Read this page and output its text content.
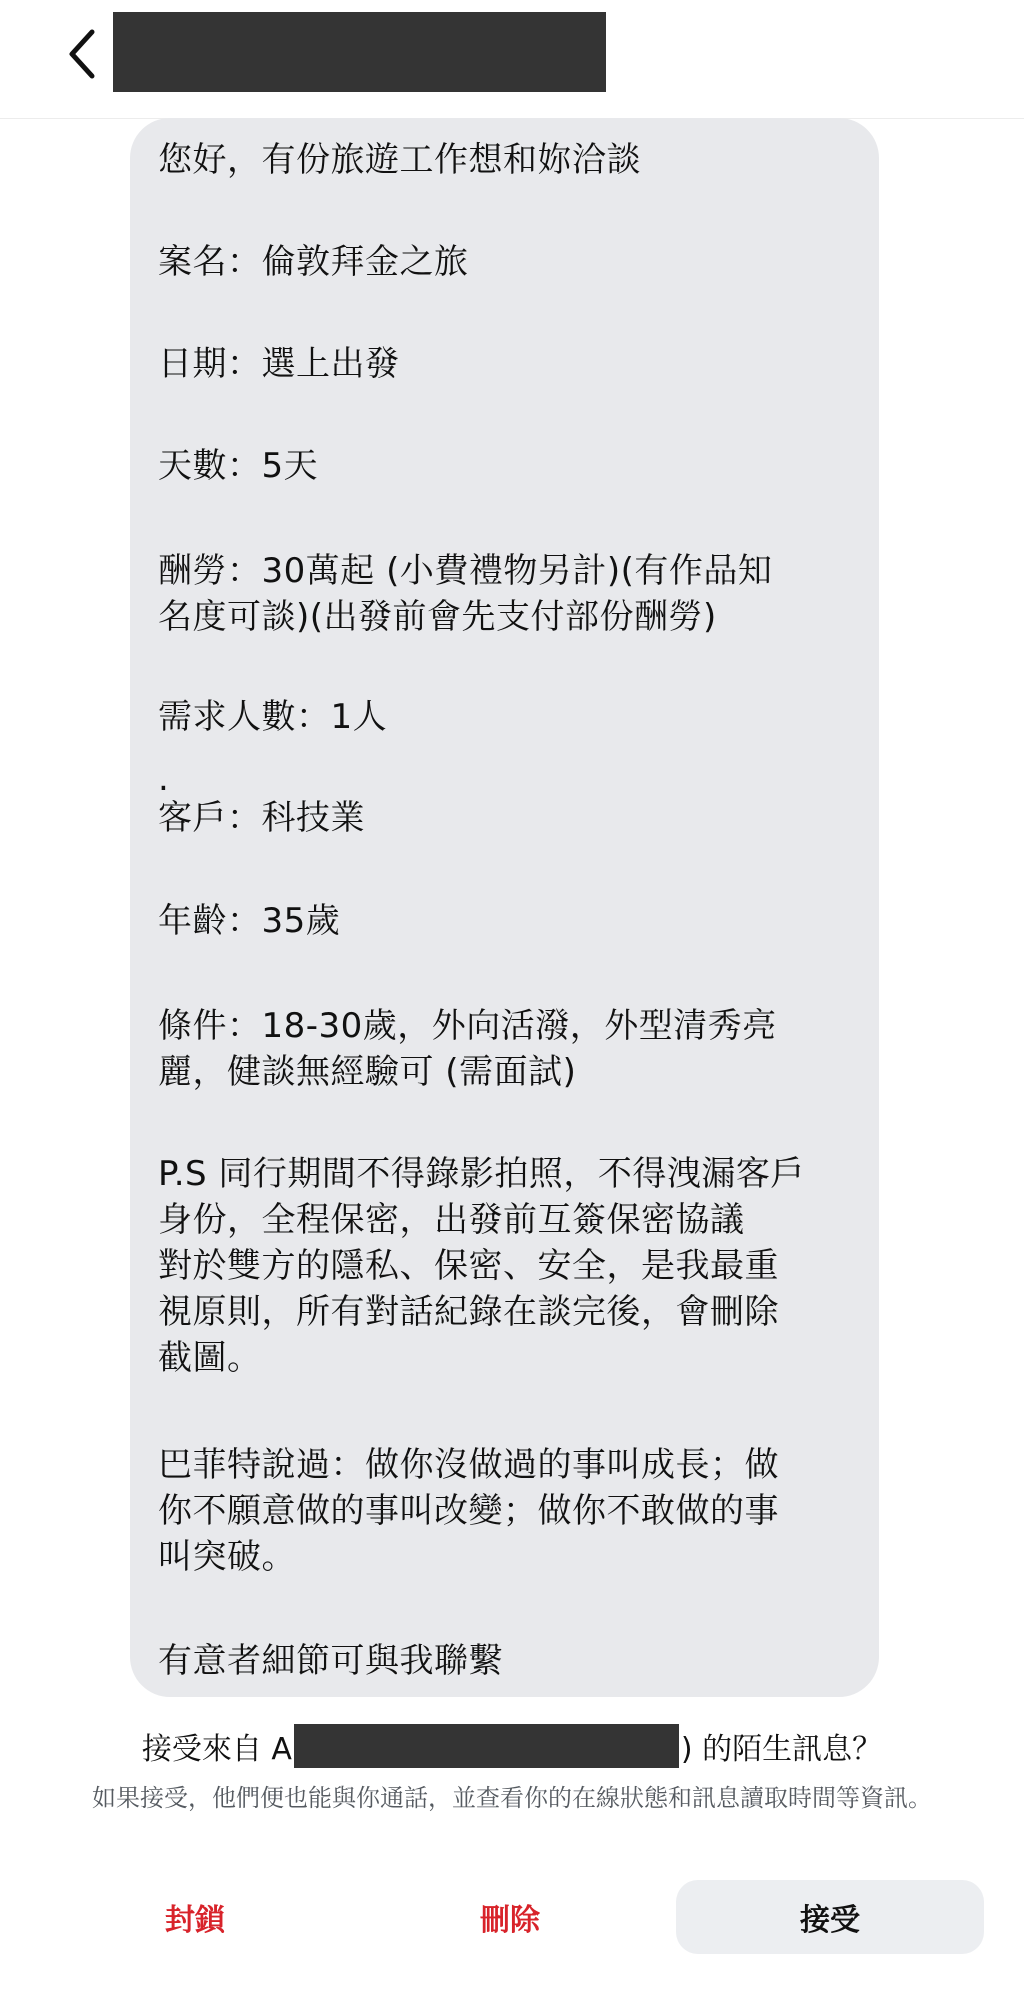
您好，有份旅遊工作想和妳洽談
案名：倫敦拜金之旅
日期：選上出發
天數：5天
酬勞：30萬起 (小費禮物另計)(有作品知
名度可談)(出發前會先支付部份酬勞)
需求人數：1人
.
客戶：科技業
年齡：35歲
條件：18-30歲，外向活潑，外型清秀亮
麗，健談無經驗可 (需面試)
P.S 同行期間不得錄影拍照，不得洩漏客戶
身份，全程保密，出發前互簽保密協議
對於雙方的隱私、保密、安全，是我最重
視原則，所有對話紀錄在談完後，會刪除
截圖。
巴菲特說過：做你沒做過的事叫成長；做
你不願意做的事叫改變；做你不敢做的事
叫突破。
有意者細節可與我聯繫
接受來自 A	) 的陌生訊息？
如果接受，他們便也能與你通話，並查看你的在線狀態和訊息讀取時間等資訊。
封鎖	刪除	接受
